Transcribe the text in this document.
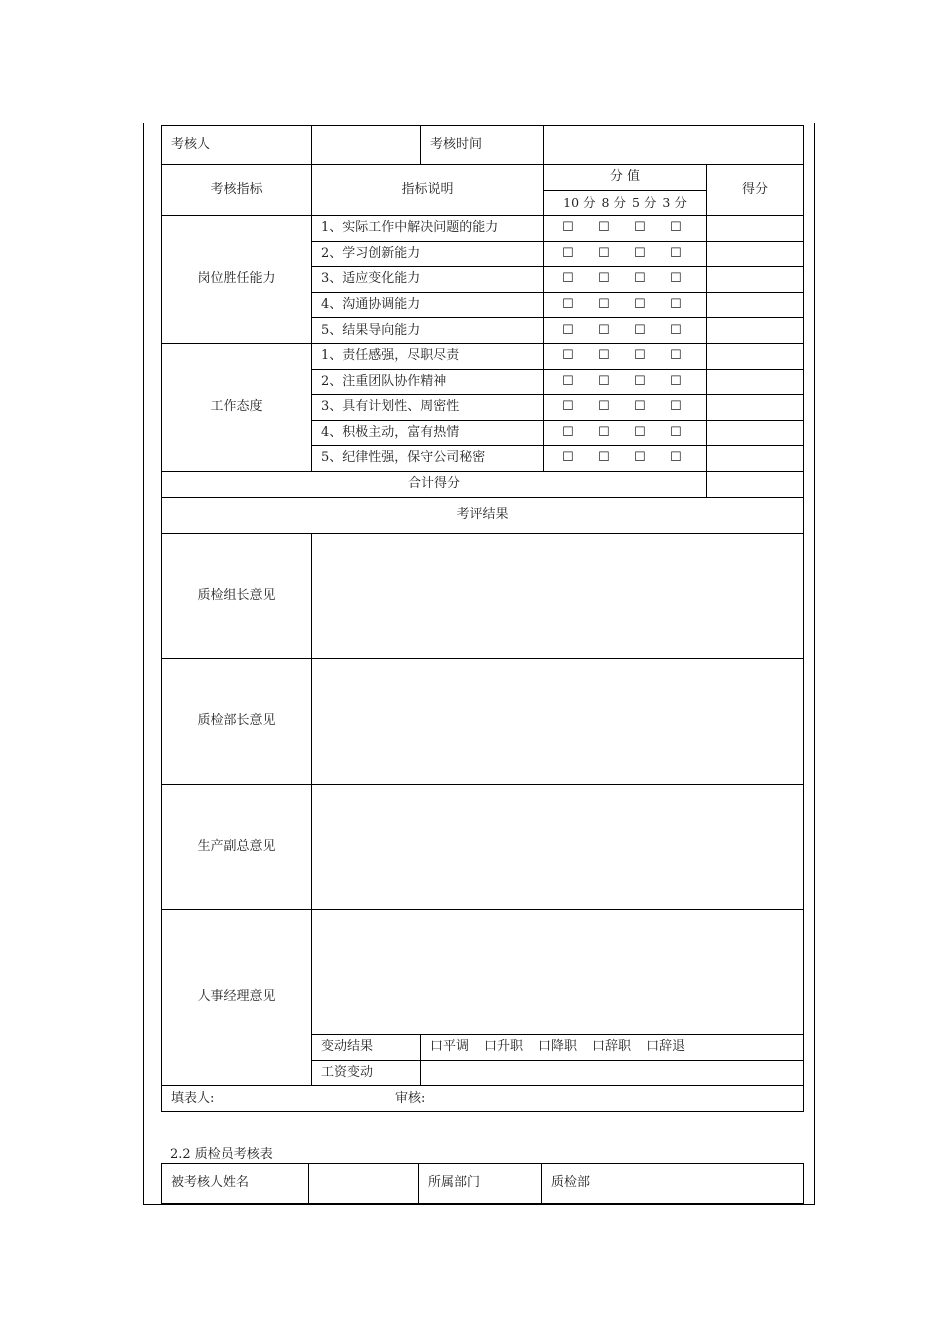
考核人		考核时间		
考核指标	指标说明		分 值	得分
			10 分 8 分 5 分 3 分	
岗位胜任能力	1、实际工作中解决问题的能力		☐ ☐ ☐ ☐	
	2、学习创新能力		☐ ☐ ☐ ☐	
	3、适应变化能力		☐ ☐ ☐ ☐	
	4、沟通协调能力		☐ ☐ ☐ ☐	
	5、结果导向能力		☐ ☐ ☐ ☐	
工作态度	1、责任感强，尽职尽责		☐ ☐ ☐ ☐	
	2、注重团队协作精神		☐ ☐ ☐ ☐	
	3、具有计划性、周密性		☐ ☐ ☐ ☐	
	4、积极主动，富有热情		☐ ☐ ☐ ☐	
	5、纪律性强，保守公司秘密		☐ ☐ ☐ ☐	
合计得分				
考评结果				
质检组长意见				
质检部长意见				
生产副总意见				
人事经理意见				
	变动结果	口平调 口升职 口降职 口辞职 口辞退		
	工资变动			
填表人: 审核:				
2.2 质检员考核表
被考核人姓名		所属部门	质检部
